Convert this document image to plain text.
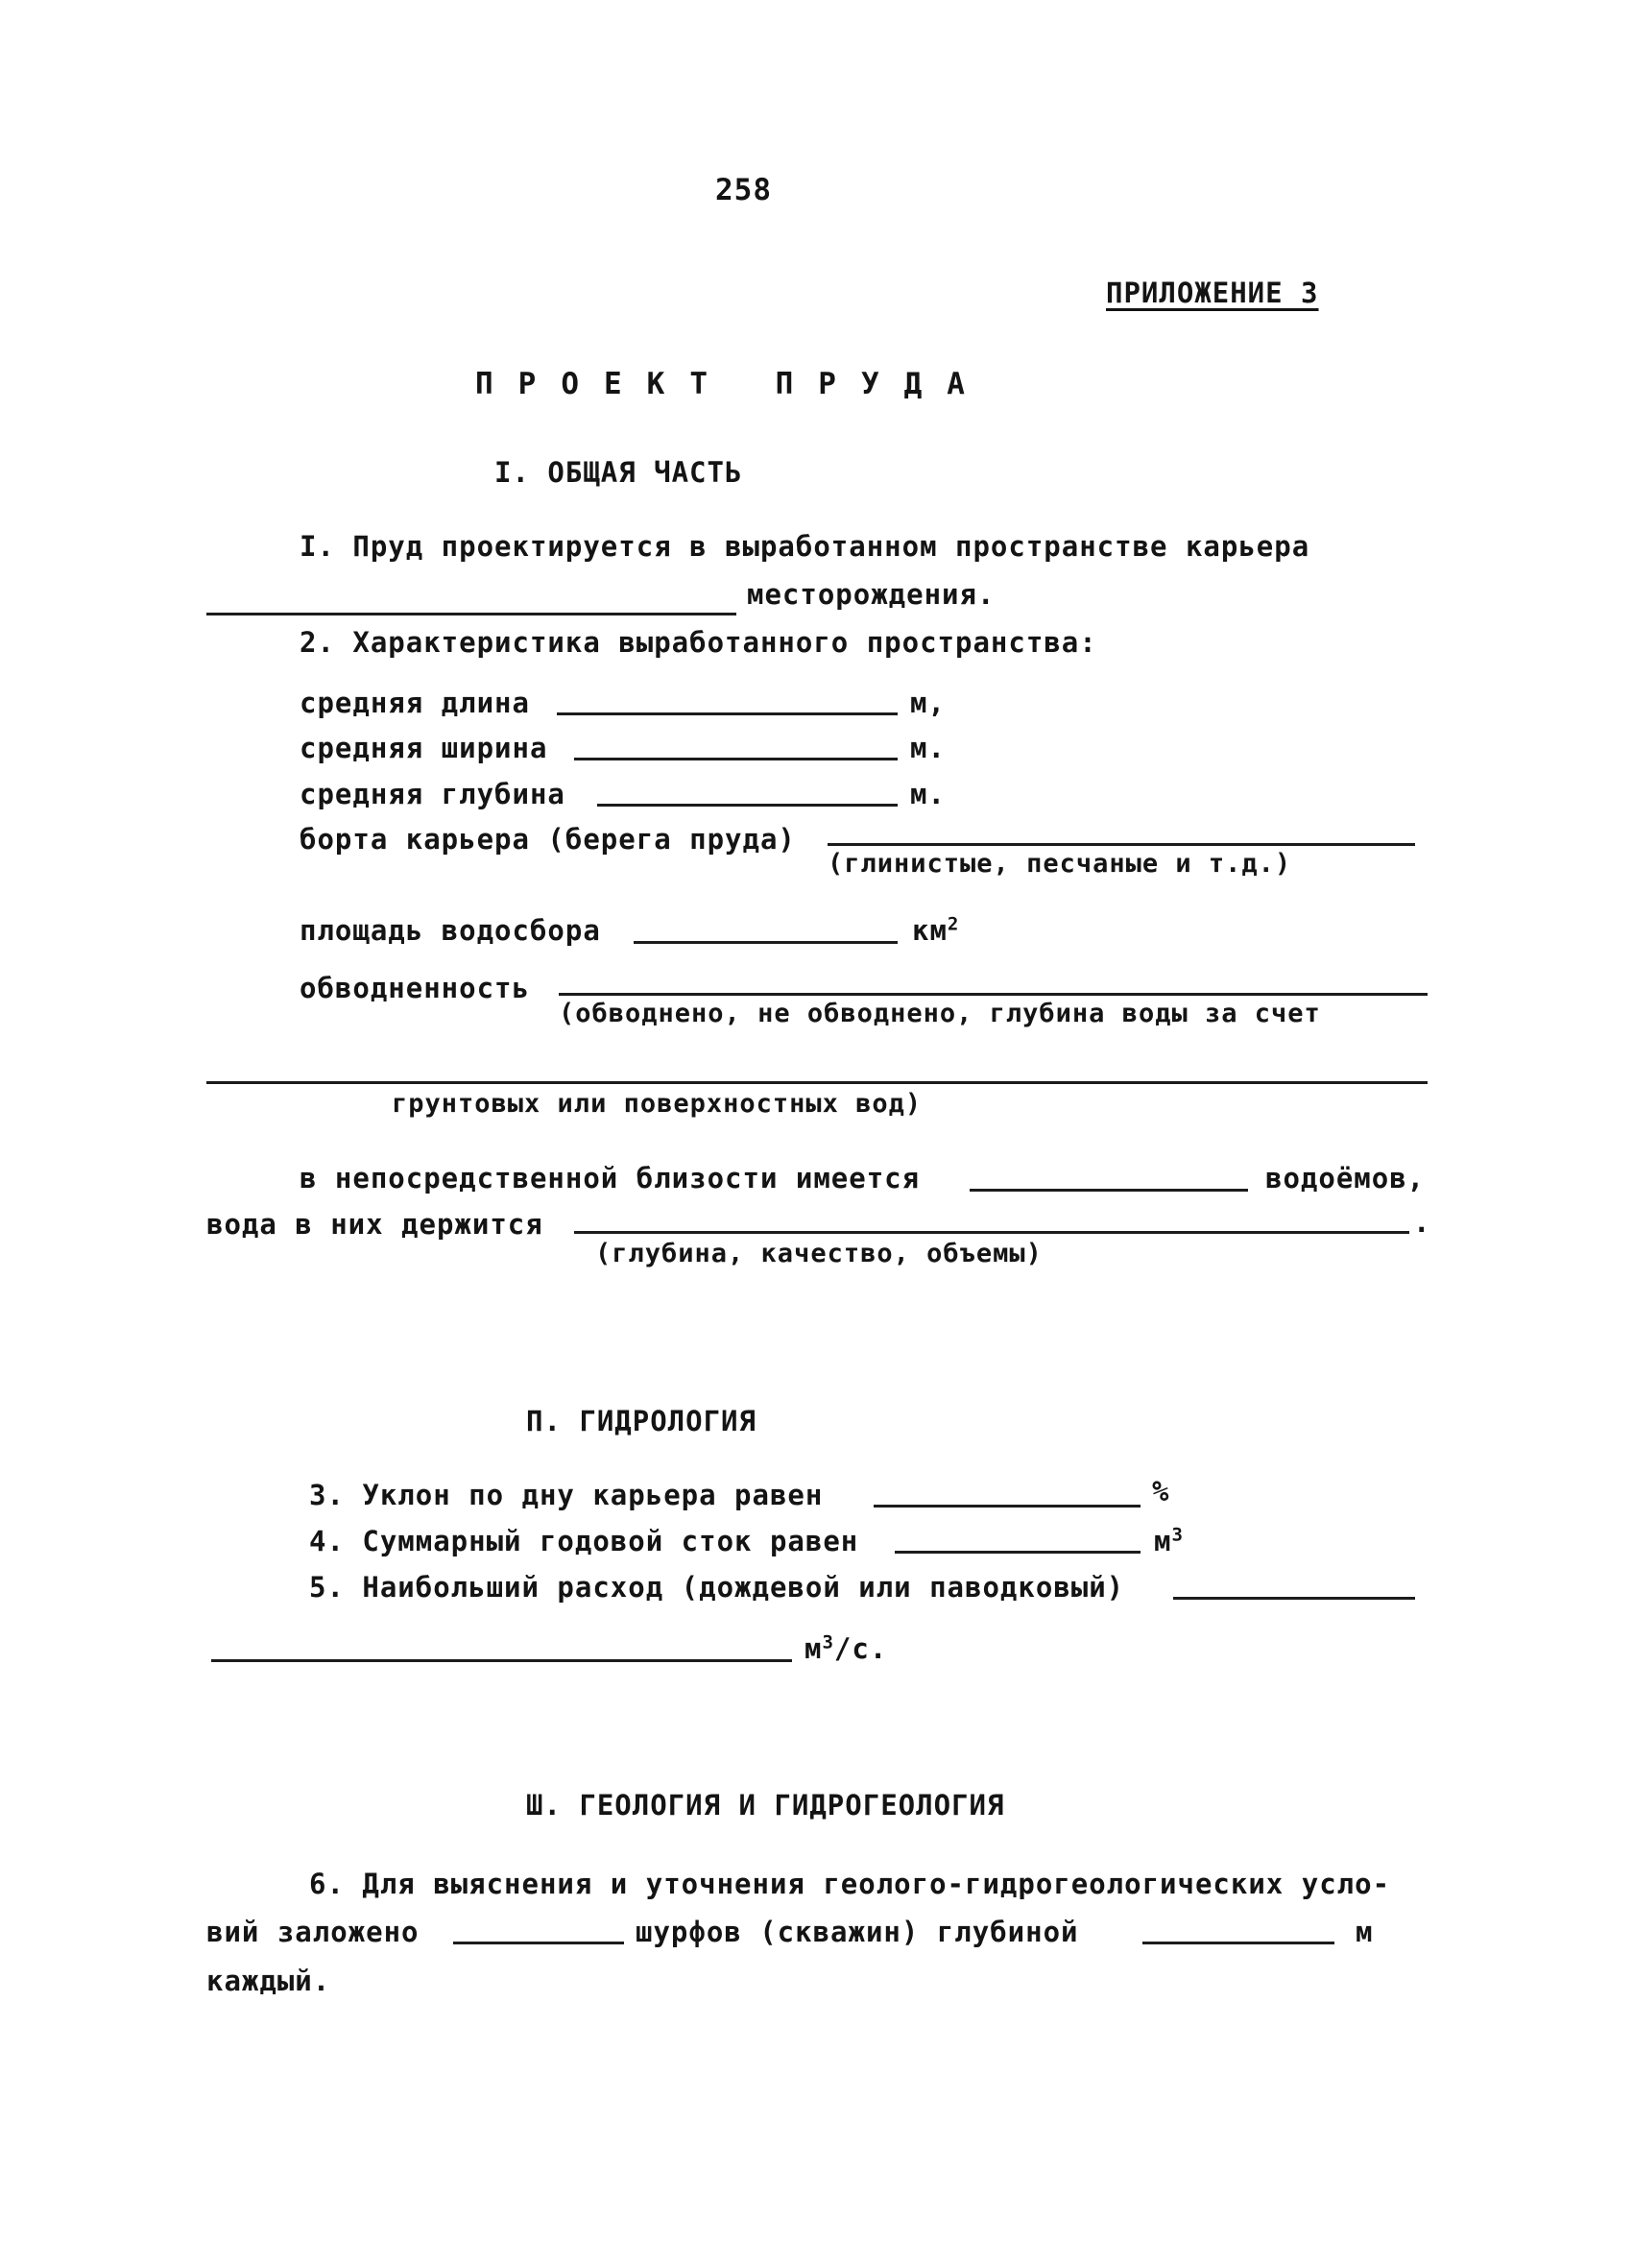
258
ПРИЛОЖЕНИЕ 3
ПРОЕКТ ПРУДА
I. ОБЩАЯ ЧАСТЬ
I. Пруд проектируется в выработанном пространстве карьера
месторождения.
2. Характеристика выработанного пространства:
средняя длина	м,
средняя ширина	м.
средняя глубина	м.
борта карьера (берега пруда)
(глинистые, песчаные и т.д.)
площадь водосбора	$км^2$
обводненность
(обводнено, не обводнено, глубина воды за счет
грунтовых или поверхностных вод)
в непосредственной близости имеется	водоёмов,
вода в них держится	.
(глубина, качество, объемы)
П. ГИДРОЛОГИЯ
3. Уклон по дну карьера равен	%
4. Суммарный годовой сток равен	$м^3$
5. Наибольший расход (дождевой или паводковый)
$м^3/с$.
Ш. ГЕОЛОГИЯ И ГИДРОГЕОЛОГИЯ
6. Для выяснения и уточнения геолого-гидрогеологических усло-
вий заложено	шурфов (скважин) глубиной	м
каждый.
